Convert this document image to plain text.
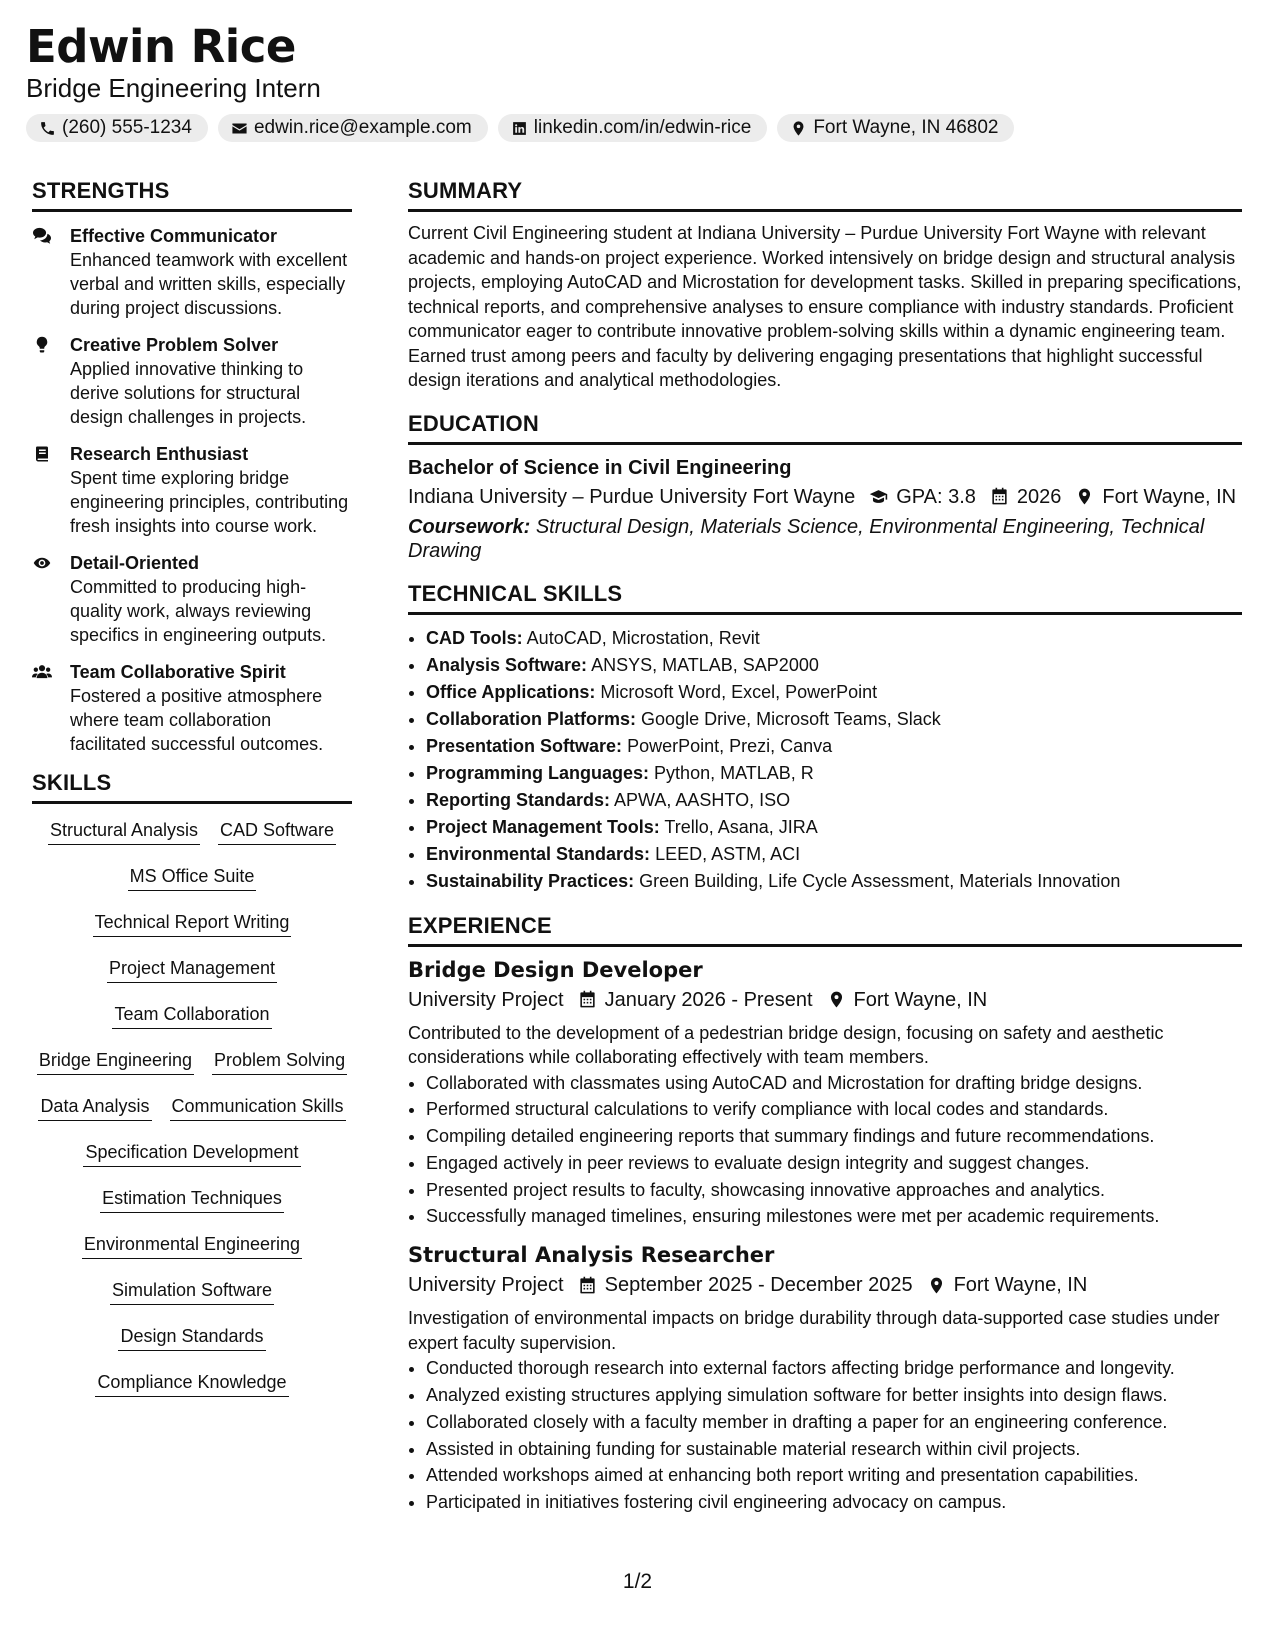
Edwin Rice
Bridge Engineering Intern
(260) 555-1234	edwin.rice@example.com	linkedin.com/in/edwin-rice	Fort Wayne, IN 46802
STRENGTHS
Effective Communicator
Enhanced teamwork with excellent verbal and written skills, especially during project discussions.
Creative Problem Solver
Applied innovative thinking to derive solutions for structural design challenges in projects.
Research Enthusiast
Spent time exploring bridge engineering principles, contributing fresh insights into course work.
Detail-Oriented
Committed to producing high-quality work, always reviewing specifics in engineering outputs.
Team Collaborative Spirit
Fostered a positive atmosphere where team collaboration facilitated successful outcomes.
SKILLS
Structural Analysis CAD Software
MS Office Suite
Technical Report Writing
Project Management
Team Collaboration
Bridge Engineering Problem Solving
Data Analysis Communication Skills
Specification Development
Estimation Techniques
Environmental Engineering
Simulation Software
Design Standards
Compliance Knowledge
SUMMARY

Current Civil Engineering student at Indiana University – Purdue University Fort Wayne with relevant academic and hands-on project experience. Worked intensively on bridge design and structural analysis projects, employing AutoCAD and Microstation for development tasks. Skilled in preparing specifications, technical reports, and comprehensive analyses to ensure compliance with industry standards. Proficient communicator eager to contribute innovative problem-solving skills within a dynamic engineering team. Earned trust among peers and faculty by delivering engaging presentations that highlight successful design iterations and analytical methodologies.

EDUCATION
Bachelor of Science in Civil Engineering
Indiana University – Purdue University Fort Wayne GPA: 3.8 2026 Fort Wayne, IN

Coursework: Structural Design, Materials Science, Environmental Engineering, Technical Drawing

TECHNICAL SKILLS
• CAD Tools: AutoCAD, Microstation, Revit
• Analysis Software: ANSYS, MATLAB, SAP2000
• Office Applications: Microsoft Word, Excel, PowerPoint
• Collaboration Platforms: Google Drive, Microsoft Teams, Slack
• Presentation Software: PowerPoint, Prezi, Canva
• Programming Languages: Python, MATLAB, R
• Reporting Standards: APWA, AASHTO, ISO
• Project Management Tools: Trello, Asana, JIRA
• Environmental Standards: LEED, ASTM, ACI
• Sustainability Practices: Green Building, Life Cycle Assessment, Materials Innovation
EXPERIENCE
Bridge Design Developer
University Project January 2026 - Present Fort Wayne, IN

Contributed to the development of a pedestrian bridge design, focusing on safety and aesthetic considerations while collaborating effectively with team members.

• Collaborated with classmates using AutoCAD and Microstation for drafting bridge designs.
• Performed structural calculations to verify compliance with local codes and standards.
• Compiling detailed engineering reports that summary findings and future recommendations.
• Engaged actively in peer reviews to evaluate design integrity and suggest changes.
• Presented project results to faculty, showcasing innovative approaches and analytics.
• Successfully managed timelines, ensuring milestones were met per academic requirements.
Structural Analysis Researcher
University Project September 2025 - December 2025 Fort Wayne, IN

Investigation of environmental impacts on bridge durability through data-supported case studies under expert faculty supervision.

• Conducted thorough research into external factors affecting bridge performance and longevity.
• Analyzed existing structures applying simulation software for better insights into design flaws.
• Collaborated closely with a faculty member in drafting a paper for an engineering conference.
• Assisted in obtaining funding for sustainable material research within civil projects.
• Attended workshops aimed at enhancing both report writing and presentation capabilities.
• Participated in initiatives fostering civil engineering advocacy on campus.
1/2
